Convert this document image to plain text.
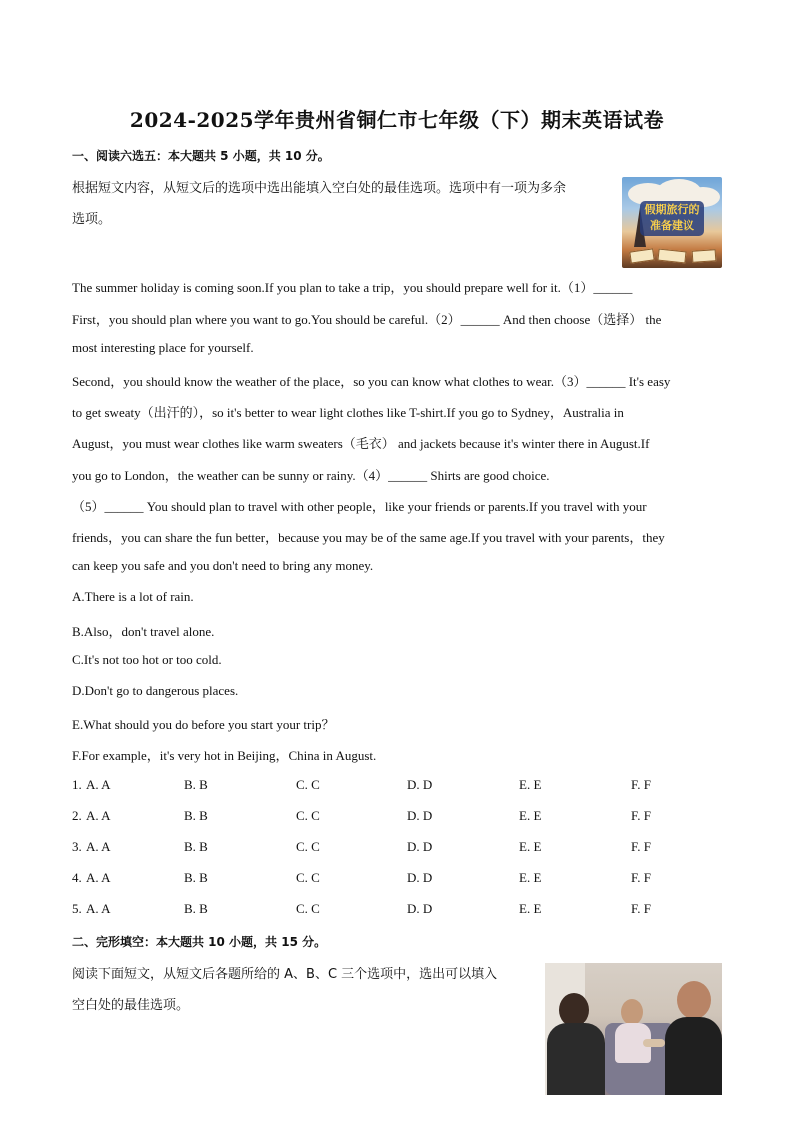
2024-2025学年贵州省铜仁市七年级（下）期末英语试卷
一、阅读六选五：本大题共 5 小题，共 10 分。
根据短文内容，从短文后的选项中选出能填入空白处的最佳选项。选项中有一项为多余
选项。
假期旅行的准备建议
The summer holiday is coming soon.If you plan to take a trip，you should prepare well for it.（1）______
First，you should plan where you want to go.You should be careful.（2）______ And then choose（选择） the
most interesting place for yourself.
Second，you should know the weather of the place，so you can know what clothes to wear.（3）______ It's easy
to get sweaty（出汗的），so it's better to wear light clothes like T-shirt.If you go to Sydney，Australia in
August，you must wear clothes like warm sweaters（毛衣） and jackets because it's winter there in August.If
you go to London，the weather can be sunny or rainy.（4）______ Shirts are good choice.
（5）______ You should plan to travel with other people，like your friends or parents.If you travel with your
friends，you can share the fun better，because you may be of the same age.If you travel with your parents，they
can keep you safe and you don't need to bring any money.
A.There is a lot of rain.
B.Also，don't travel alone.
C.It's not too hot or too cold.
D.Don't go to dangerous places.
E.What should you do before you start your trip？
F.For example，it's very hot in Beijing，China in August.
1. A. A	B. B	C. C	D. D	E. E	F. F
2. A. A	B. B	C. C	D. D	E. E	F. F
3. A. A	B. B	C. C	D. D	E. E	F. F
4. A. A	B. B	C. C	D. D	E. E	F. F
5. A. A	B. B	C. C	D. D	E. E	F. F
二、完形填空：本大题共 10 小题，共 15 分。
阅读下面短文，从短文后各题所给的 A、B、C 三个选项中，选出可以填入
空白处的最佳选项。
